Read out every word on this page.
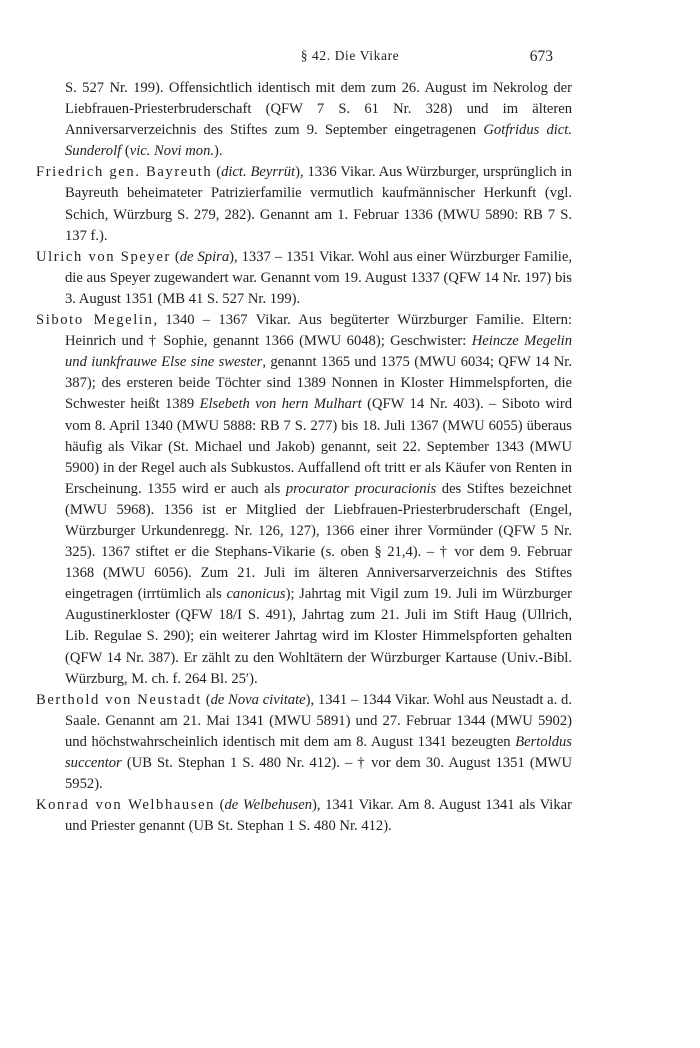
§ 42. Die Vikare	673

S. 527 Nr. 199). Offensichtlich identisch mit dem zum 26. August im Nekrolog der Liebfrauen-Priesterbruderschaft (QFW 7 S. 61 Nr. 328) und im älteren Anniversarverzeichnis des Stiftes zum 9. September eingetragenen Gotfridus dict. Sunderolf (vic. Novi mon.).

Friedrich gen. Bayreuth (dict. Beyrrüt), 1336 Vikar. Aus Würzburger, ursprünglich in Bayreuth beheimateter Patrizierfamilie vermutlich kaufmännischer Herkunft (vgl. Schich, Würzburg S. 279, 282). Genannt am 1. Februar 1336 (MWU 5890: RB 7 S. 137 f.).

Ulrich von Speyer (de Spira), 1337 – 1351 Vikar. Wohl aus einer Würzburger Familie, die aus Speyer zugewandert war. Genannt vom 19. August 1337 (QFW 14 Nr. 197) bis 3. August 1351 (MB 41 S. 527 Nr. 199).

Siboto Megelin, 1340 – 1367 Vikar. Aus begüterter Würzburger Familie. Eltern: Heinrich und † Sophie, genannt 1366 (MWU 6048); Geschwister: Heincze Megelin und iunkfrauwe Else sine swester, genannt 1365 und 1375 (MWU 6034; QFW 14 Nr. 387); des ersteren beide Töchter sind 1389 Nonnen in Kloster Himmelspforten, die Schwester heißt 1389 Elsebeth von hern Mulhart (QFW 14 Nr. 403). – Siboto wird vom 8. April 1340 (MWU 5888: RB 7 S. 277) bis 18. Juli 1367 (MWU 6055) überaus häufig als Vikar (St. Michael und Jakob) genannt, seit 22. September 1343 (MWU 5900) in der Regel auch als Subkustos. Auffallend oft tritt er als Käufer von Renten in Erscheinung. 1355 wird er auch als procurator procuracionis des Stiftes bezeichnet (MWU 5968). 1356 ist er Mitglied der Liebfrauen-Priesterbruderschaft (Engel, Würzburger Urkundenregg. Nr. 126, 127), 1366 einer ihrer Vormünder (QFW 5 Nr. 325). 1367 stiftet er die Stephans-Vikarie (s. oben § 21,4). – † vor dem 9. Februar 1368 (MWU 6056). Zum 21. Juli im älteren Anniversarverzeichnis des Stiftes eingetragen (irrtümlich als canonicus); Jahrtag mit Vigil zum 19. Juli im Würzburger Augustinerkloster (QFW 18/I S. 491), Jahrtag zum 21. Juli im Stift Haug (Ullrich, Lib. Regulae S. 290); ein weiterer Jahrtag wird im Kloster Himmelspforten gehalten (QFW 14 Nr. 387). Er zählt zu den Wohltätern der Würzburger Kartause (Univ.-Bibl. Würzburg, M. ch. f. 264 Bl. 25′).

Berthold von Neustadt (de Nova civitate), 1341 – 1344 Vikar. Wohl aus Neustadt a. d. Saale. Genannt am 21. Mai 1341 (MWU 5891) und 27. Februar 1344 (MWU 5902) und höchstwahrscheinlich identisch mit dem am 8. August 1341 bezeugten Bertoldus succentor (UB St. Stephan 1 S. 480 Nr. 412). – † vor dem 30. August 1351 (MWU 5952).

Konrad von Welbhausen (de Welbehusen), 1341 Vikar. Am 8. August 1341 als Vikar und Priester genannt (UB St. Stephan 1 S. 480 Nr. 412).
